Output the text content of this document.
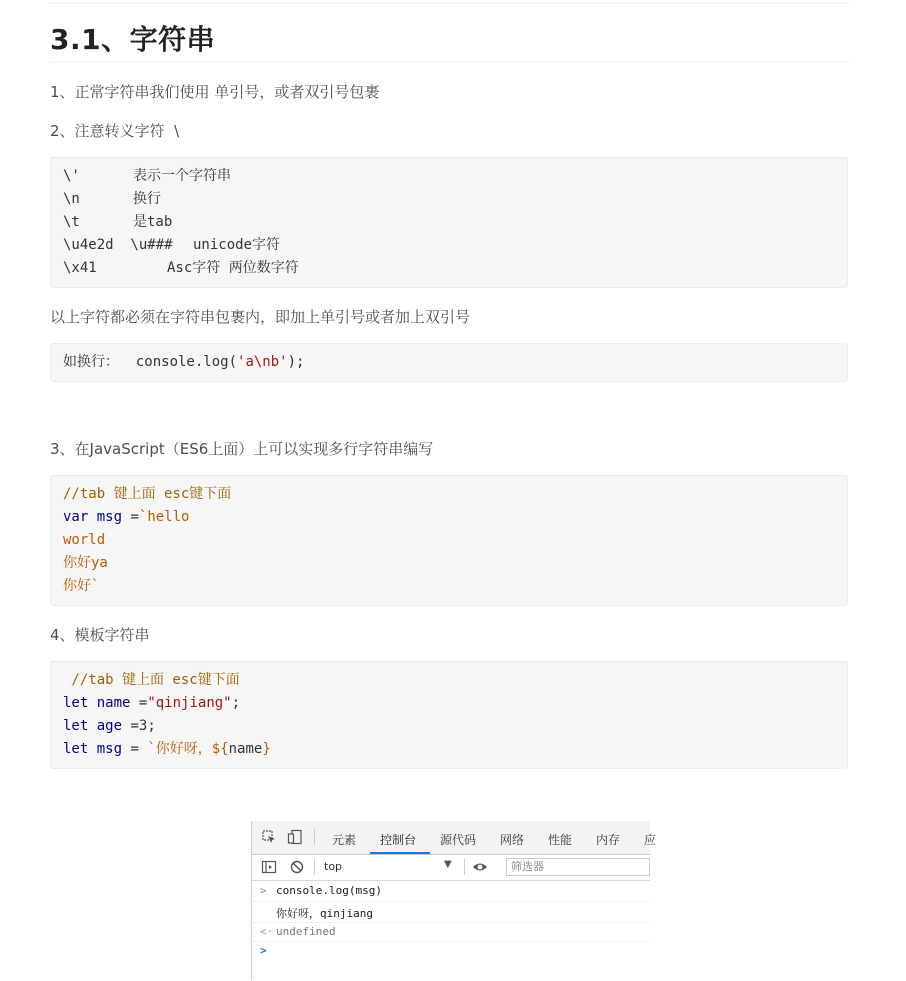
3.1、字符串

1、正常字符串我们使用 单引号，或者双引号包裹

2、注意转义字符  \

\'	表示一个字符串
\n	换行
\t	是tab
\u4e2d  \u### unicode字符
\x41	Asc字符 两位数字符

以上字符都必须在字符串包裹内，即加上单引号或者加上双引号

如换行：  console.log('a\nb');

3、在JavaScript（ES6上面）上可以实现多行字符串编写

//tab 键上面 esc键下面
var msg =`hello
world
你好ya
你好`

4、模板字符串

//tab 键上面 esc键下面
let name ="qinjiang";
let age =3;
let msg = `你好呀，${name}
元素 控制台 源代码 网络 性能 内存 应
top	▼	筛选器

>

console.log(msg)

你好呀，qinjiang

<·

undefined

>
